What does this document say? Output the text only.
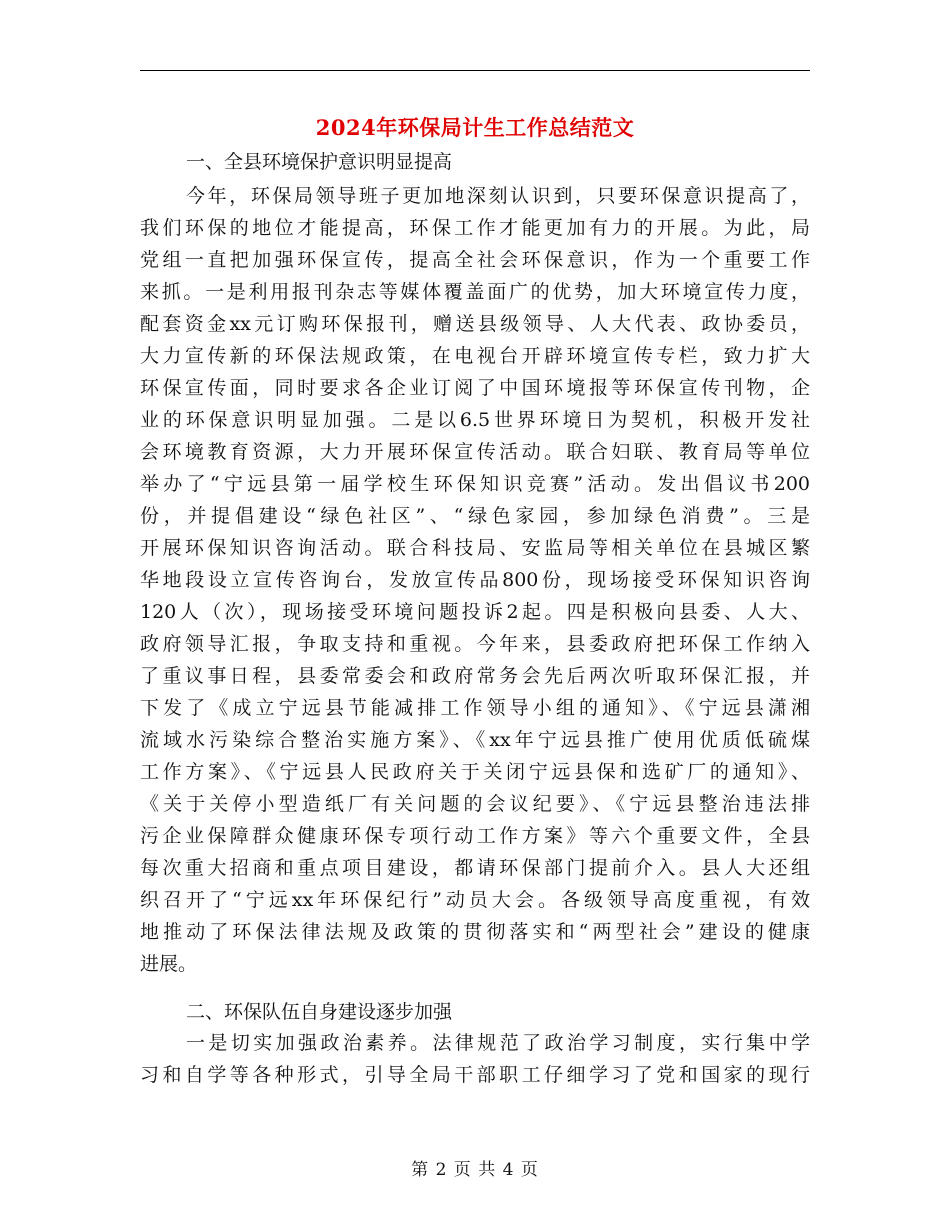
2024年环保局计生工作总结范文
一、全县环境保护意识明显提高
今年，环保局领导班子更加地深刻认识到，只要环保意识提高了，
我们环保的地位才能提高，环保工作才能更加有力的开展。为此，局
党组一直把加强环保宣传，提高全社会环保意识，作为一个重要工作
来抓。一是利用报刊杂志等媒体覆盖面广的优势，加大环境宣传力度，
配套资金xx元订购环保报刊，赠送县级领导、人大代表、政协委员，
大力宣传新的环保法规政策，在电视台开辟环境宣传专栏，致力扩大
环保宣传面，同时要求各企业订阅了中国环境报等环保宣传刊物，企
业的环保意识明显加强。二是以6.5世界环境日为契机，积极开发社
会环境教育资源，大力开展环保宣传活动。联合妇联、教育局等单位
举办了“宁远县第一届学校生环保知识竞赛”活动。发出倡议书200
份，并提倡建设“绿色社区”、“绿色家园，参加绿色消费”。三是
开展环保知识咨询活动。联合科技局、安监局等相关单位在县城区繁
华地段设立宣传咨询台，发放宣传品800份，现场接受环保知识咨询
120人（次），现场接受环境问题投诉2起。四是积极向县委、人大、
政府领导汇报，争取支持和重视。今年来，县委政府把环保工作纳入
了重议事日程，县委常委会和政府常务会先后两次听取环保汇报，并
下发了《成立宁远县节能减排工作领导小组的通知》、《宁远县潇湘
流域水污染综合整治实施方案》、《xx年宁远县推广使用优质低硫煤
工作方案》、《宁远县人民政府关于关闭宁远县保和选矿厂的通知》、
《关于关停小型造纸厂有关问题的会议纪要》、《宁远县整治违法排
污企业保障群众健康环保专项行动工作方案》等六个重要文件，全县
每次重大招商和重点项目建设，都请环保部门提前介入。县人大还组
织召开了“宁远xx年环保纪行”动员大会。各级领导高度重视，有效
地推动了环保法律法规及政策的贯彻落实和“两型社会”建设的健康
进展。
二、环保队伍自身建设逐步加强
一是切实加强政治素养。法律规范了政治学习制度，实行集中学
习和自学等各种形式，引导全局干部职工仔细学习了党和国家的现行
第 2 页 共 4 页
